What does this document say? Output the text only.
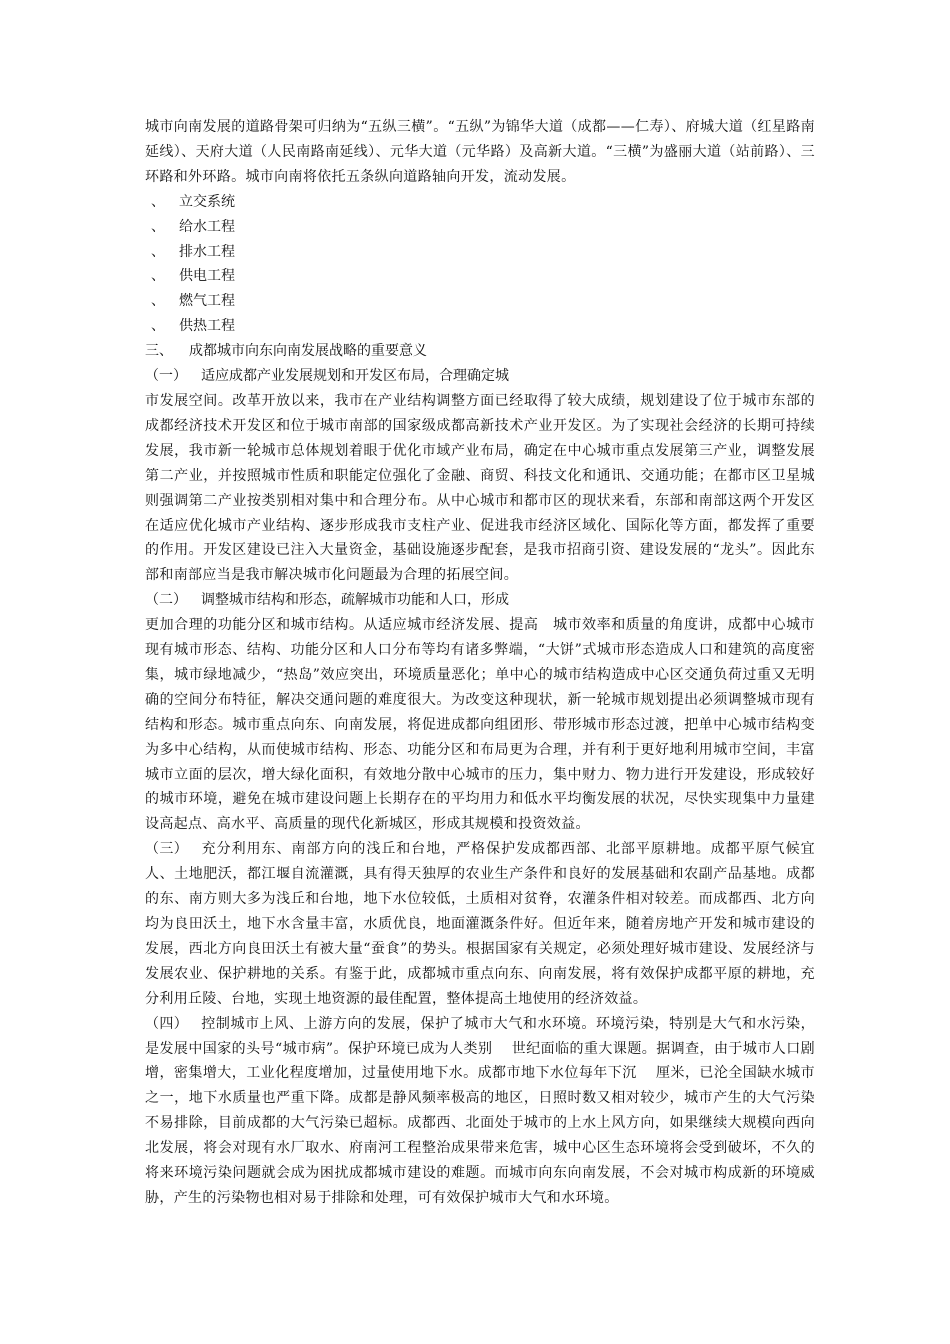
城市向南发展的道路骨架可归纳为“五纵三横”。“五纵”为锦华大道（成都——仁寿）、府城大道（红星路南延线）、天府大道（人民南路南延线）、元华大道（元华路）及高新大道。“三横”为盛丽大道（站前路）、三环路和外环路。城市向南将依托五条纵向道路轴向开发，流动发展。

、 立交系统

、 给水工程

、 排水工程

、 供电工程

、 燃气工程

、 供热工程

三、 成都城市向东向南发展战略的重要意义

（一） 适应成都产业发展规划和开发区布局，合理确定城

市发展空间。改革开放以来，我市在产业结构调整方面已经取得了较大成绩，规划建设了位于城市东部的成都经济技术开发区和位于城市南部的国家级成都高新技术产业开发区。为了实现社会经济的长期可持续发展，我市新一轮城市总体规划着眼于优化市域产业布局，确定在中心城市重点发展第三产业，调整发展第二产业，并按照城市性质和职能定位强化了金融、商贸、科技文化和通讯、交通功能；在都市区卫星城则强调第二产业按类别相对集中和合理分布。从中心城市和都市区的现状来看，东部和南部这两个开发区在适应优化城市产业结构、逐步形成我市支柱产业、促进我市经济区域化、国际化等方面，都发挥了重要的作用。开发区建设已注入大量资金，基础设施逐步配套，是我市招商引资、建设发展的“龙头”。因此东部和南部应当是我市解决城市化问题最为合理的拓展空间。

（二） 调整城市结构和形态，疏解城市功能和人口，形成

更加合理的功能分区和城市结构。从适应城市经济发展、提高　城市效率和质量的角度讲，成都中心城市现有城市形态、结构、功能分区和人口分布等均有诸多弊端，“大饼”式城市形态造成人口和建筑的高度密集，城市绿地减少，“热岛”效应突出，环境质量恶化；单中心的城市结构造成中心区交通负荷过重又无明确的空间分布特征，解决交通问题的难度很大。为改变这种现状，新一轮城市规划提出必须调整城市现有结构和形态。城市重点向东、向南发展，将促进成都向组团形、带形城市形态过渡，把单中心城市结构变为多中心结构，从而使城市结构、形态、功能分区和布局更为合理，并有利于更好地利用城市空间，丰富城市立面的层次，增大绿化面积，有效地分散中心城市的压力，集中财力、物力进行开发建设，形成较好的城市环境，避免在城市建设问题上长期存在的平均用力和低水平均衡发展的状况，尽快实现集中力量建设高起点、高水平、高质量的现代化新城区，形成其规模和投资效益。

（三） 充分利用东、南部方向的浅丘和台地，严格保护发成都西部、北部平原耕地。成都平原气候宜人、土地肥沃，都江堰自流灌溉，具有得天独厚的农业生产条件和良好的发展基础和农副产品基地。成都的东、南方则大多为浅丘和台地，地下水位较低，土质相对贫脊，农灌条件相对较差。而成都西、北方向均为良田沃土，地下水含量丰富，水质优良，地面灌溉条件好。但近年来，随着房地产开发和城市建设的发展，西北方向良田沃土有被大量“蚕食”的势头。根据国家有关规定，必须处理好城市建设、发展经济与发展农业、保护耕地的关系。有鉴于此，成都城市重点向东、向南发展，将有效保护成都平原的耕地，充分利用丘陵、台地，实现土地资源的最佳配置，整体提高土地使用的经济效益。

（四） 控制城市上风、上游方向的发展，保护了城市大气和水环境。环境污染，特别是大气和水污染，是发展中国家的头号“城市病”。保护环境已成为人类别　 世纪面临的重大课题。据调查，由于城市人口剧增，密集增大，工业化程度增加，过量使用地下水。成都市地下水位每年下沉　 厘米，已沦全国缺水城市之一，地下水质量也严重下降。成都是静风频率极高的地区，日照时数又相对较少，城市产生的大气污染不易排除，目前成都的大气污染已超标。成都西、北面处于城市的上水上风方向，如果继续大规模向西向北发展，将会对现有水厂取水、府南河工程整治成果带来危害，城中心区生态环境将会受到破坏，不久的将来环境污染问题就会成为困扰成都城市建设的难题。而城市向东向南发展，不会对城市构成新的环境威胁，产生的污染物也相对易于排除和处理，可有效保护城市大气和水环境。
